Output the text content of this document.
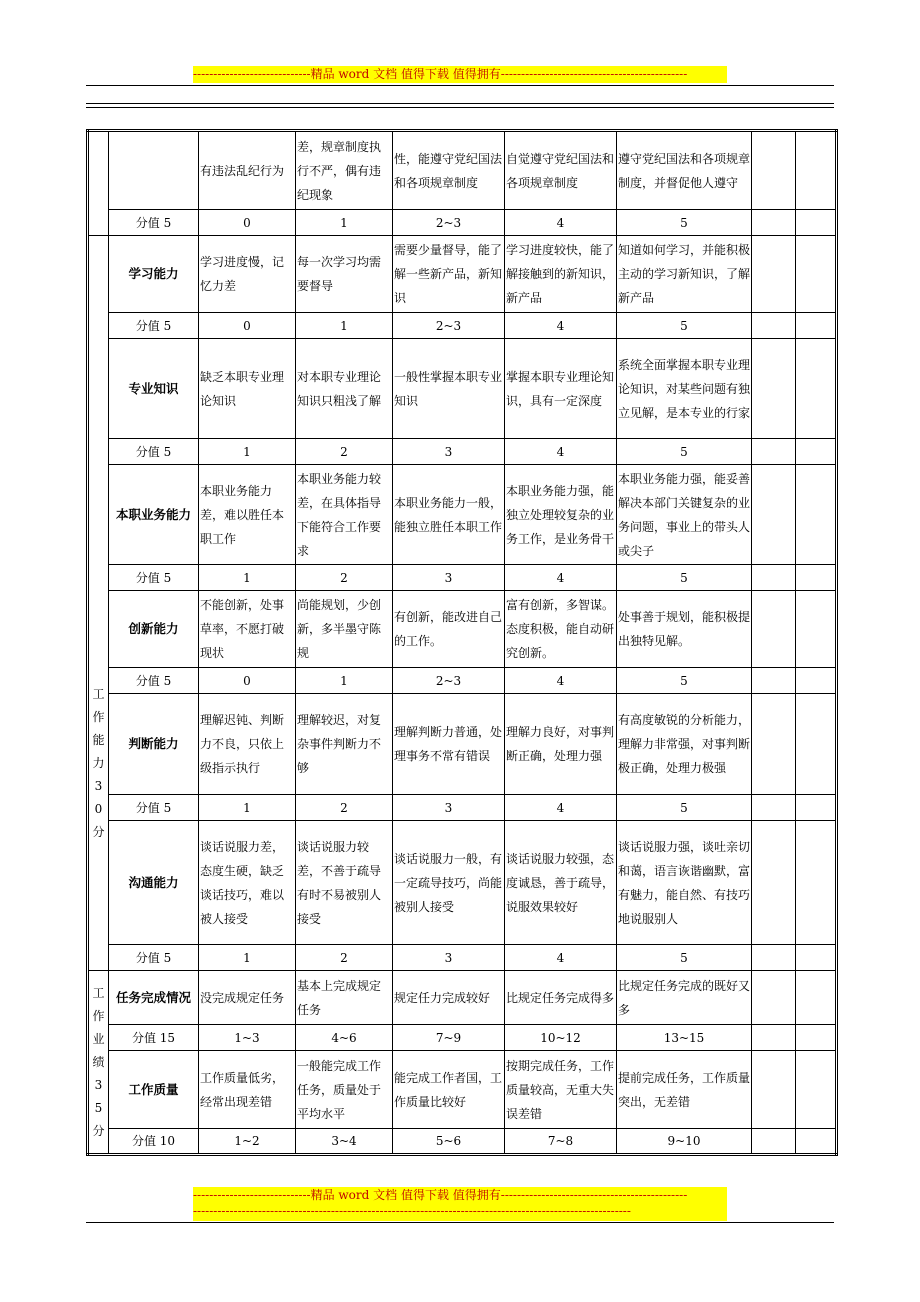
-----------------------------精品 word 文档 值得下载 值得拥有----------------------------------------------
		有违法乱纪行为	差，规章制度执行不严，偶有违纪现象	性，能遵守党纪国法和各项规章制度	自觉遵守党纪国法和各项规章制度	遵守党纪国法和各项规章制度，并督促他人遵守		
	分值 5	0	1	2~3	4	5		
工作能力30分	学习能力	学习进度慢，记忆力差	每一次学习均需要督导	需要少量督导，能了解一些新产品，新知识	学习进度较快，能了解接触到的新知识，新产品	知道如何学习，并能积极主动的学习新知识，了解新产品		
	分值 5	0	1	2~3	4	5		
	专业知识	缺乏本职专业理论知识	对本职专业理论知识只粗浅了解	一般性掌握本职专业知识	掌握本职专业理论知识，具有一定深度	系统全面掌握本职专业理论知识，对某些问题有独立见解，是本专业的行家		
	分值 5	1	2	3	4	5		
	本职业务能力	本职业务能力差，难以胜任本职工作	本职业务能力较差，在具体指导下能符合工作要求	本职业务能力一般，能独立胜任本职工作	本职业务能力强，能独立处理较复杂的业务工作，是业务骨干	本职业务能力强，能妥善解决本部门关键复杂的业务问题，事业上的带头人或尖子		
	分值 5	1	2	3	4	5		
	创新能力	不能创新，处事草率，不愿打破现状	尚能规划，少创新，多半墨守陈规	有创新，能改进自己的工作。	富有创新，多智谋。态度积极，能自动研究创新。	处事善于规划，能积极提出独特见解。		
	分值 5	0	1	2~3	4	5		
	判断能力	理解迟钝、判断力不良，只依上级指示执行	理解较迟，对复杂事件判断力不够	理解判断力普通，处理事务不常有错误	理解力良好，对事判断正确，处理力强	有高度敏锐的分析能力，理解力非常强，对事判断极正确，处理力极强		
	分值 5	1	2	3	4	5		
	沟通能力	谈话说服力差，态度生硬，缺乏谈话技巧，难以被人接受	谈话说服力较差，不善于疏导有时不易被别人接受	谈话说服力一般，有一定疏导技巧，尚能被别人接受	谈话说服力较强，态度诚恳，善于疏导，说服效果较好	谈话说服力强，谈吐亲切和蔼，语言诙谐幽默，富有魅力，能自然、有技巧地说服别人		
	分值 5	1	2	3	4	5		
工作业绩35分	任务完成情况	没完成规定任务	基本上完成规定任务	规定任力完成较好	比规定任务完成得多	比规定任务完成的既好又多		
	分值 15	1~3	4~6	7~9	10~12	13~15		
	工作质量	工作质量低劣，经常出现差错	一般能完成工作任务，质量处于平均水平	能完成工作者国，工作质量比较好	按期完成任务，工作质量较高，无重大失误差错	提前完成任务，工作质量突出，无差错		
	分值 10	1~2	3~4	5~6	7~8	9~10		
-----------------------------精品 word 文档 值得下载 值得拥有----------------------------------------------
------------------------------------------------------------------------------------------------------------
